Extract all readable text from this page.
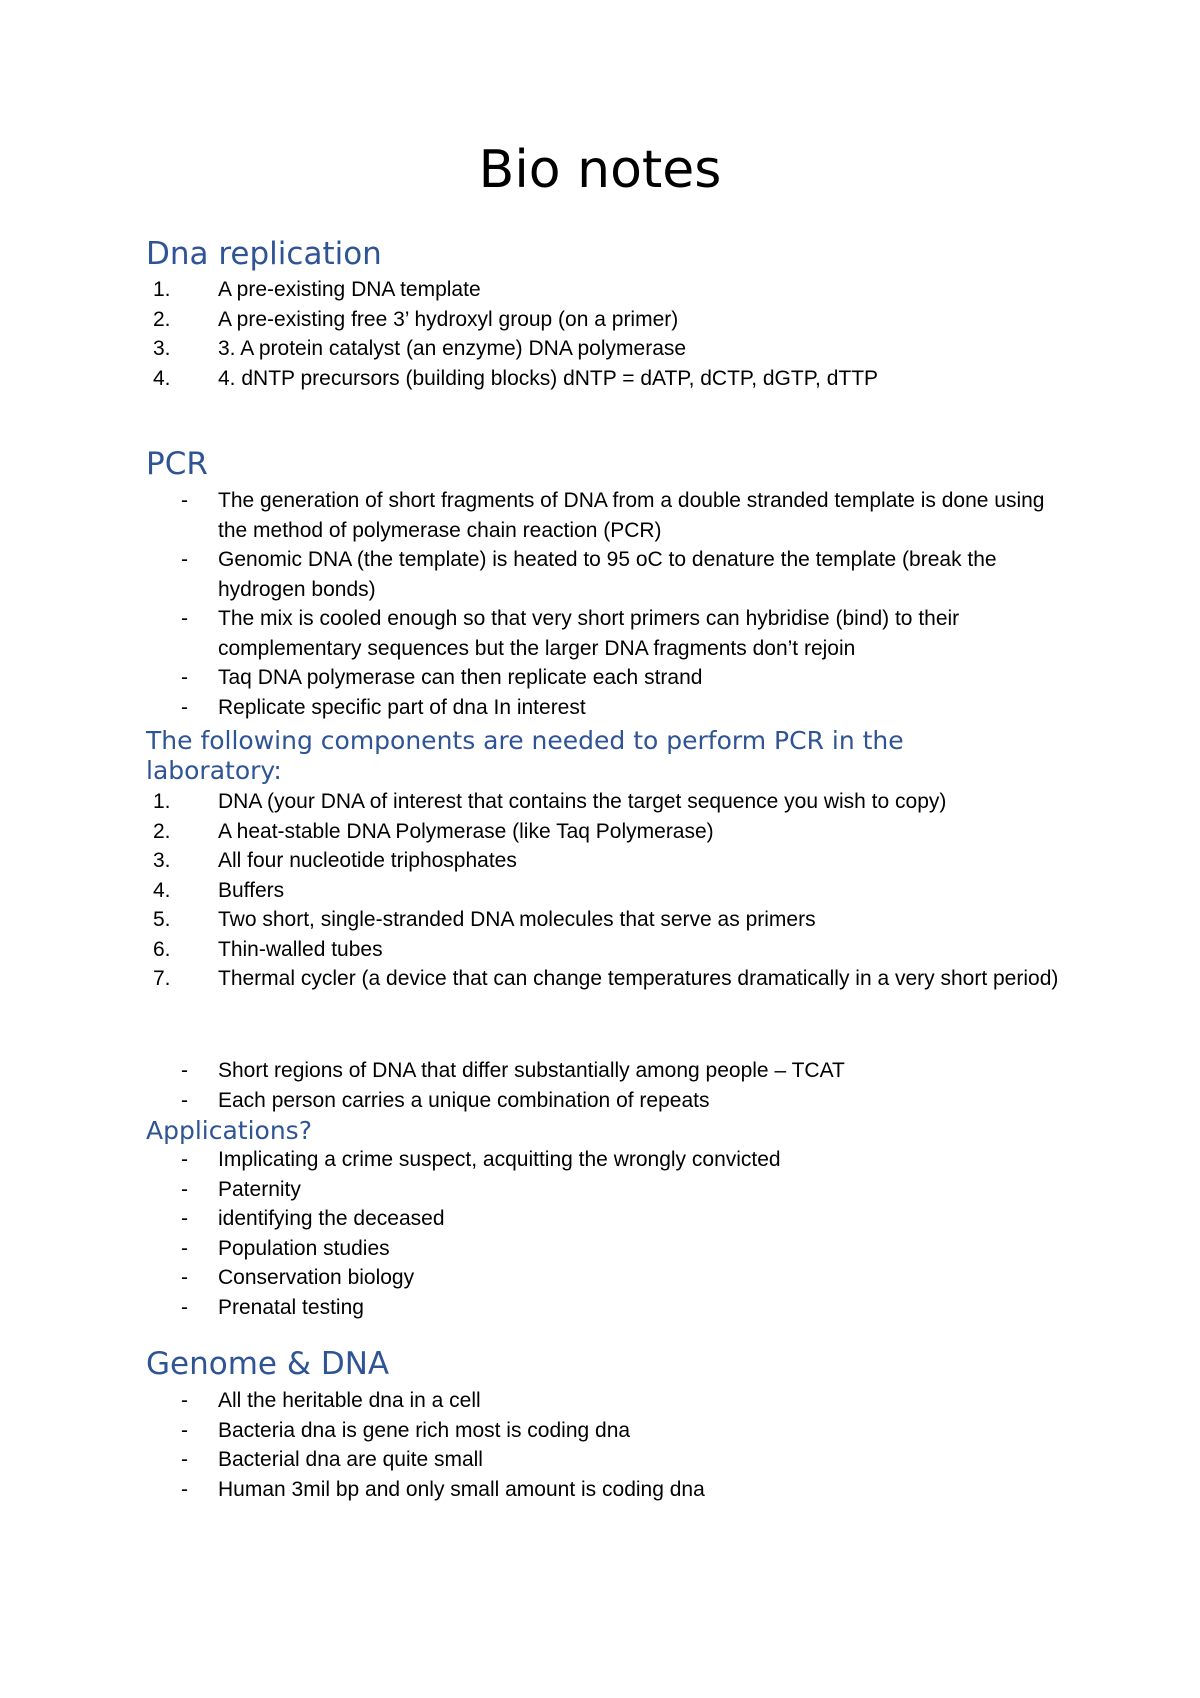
Bio notes
Dna replication
1.	A pre-existing DNA template
2.	A pre-existing free 3’ hydroxyl group (on a primer)
3.	3. A protein catalyst (an enzyme) DNA polymerase
4.	4. dNTP precursors (building blocks) dNTP = dATP, dCTP, dGTP, dTTP
PCR
-	The generation of short fragments of DNA from a double stranded template is done using the method of polymerase chain reaction (PCR)
-	Genomic DNA (the template) is heated to 95 oC to denature the template (break the hydrogen bonds)
-	The mix is cooled enough so that very short primers can hybridise (bind) to their complementary sequences but the larger DNA fragments don’t rejoin
-	Taq DNA polymerase can then replicate each strand
-	Replicate specific part of dna In interest
The following components are needed to perform PCR in the laboratory:
1.	DNA (your DNA of interest that contains the target sequence you wish to copy)
2.	A heat-stable DNA Polymerase (like Taq Polymerase)
3.	All four nucleotide triphosphates
4.	Buffers
5.	Two short, single-stranded DNA molecules that serve as primers
6.	Thin-walled tubes
7.	Thermal cycler (a device that can change temperatures dramatically in a very short period)
-	Short regions of DNA that differ substantially among people – TCAT
-	Each person carries a unique combination of repeats
Applications?
-	Implicating a crime suspect, acquitting the wrongly convicted
-	Paternity
-	identifying the deceased
-	Population studies
-	Conservation biology
-	Prenatal testing
Genome & DNA
-	All the heritable dna in a cell
-	Bacteria dna is gene rich most is coding dna
-	Bacterial dna are quite small
-	Human 3mil bp and only small amount is coding dna
